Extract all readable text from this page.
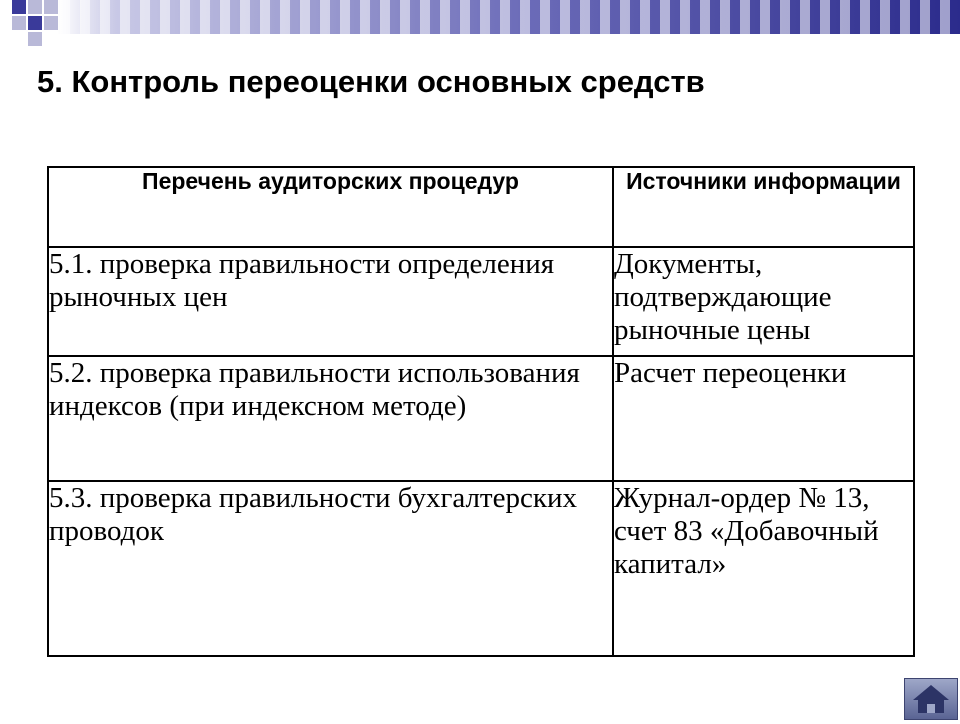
5. Контроль переоценки основных средств
Перечень аудиторских процедур	Источники информации
5.1. проверка правильности определения рыночных цен	Документы, подтверждающие рыночные цены
5.2. проверка правильности использования индексов (при индексном методе)	Расчет переоценки
5.3. проверка правильности бухгалтерских проводок	Журнал-ордер № 13, счет 83 «Добавочный капитал»
